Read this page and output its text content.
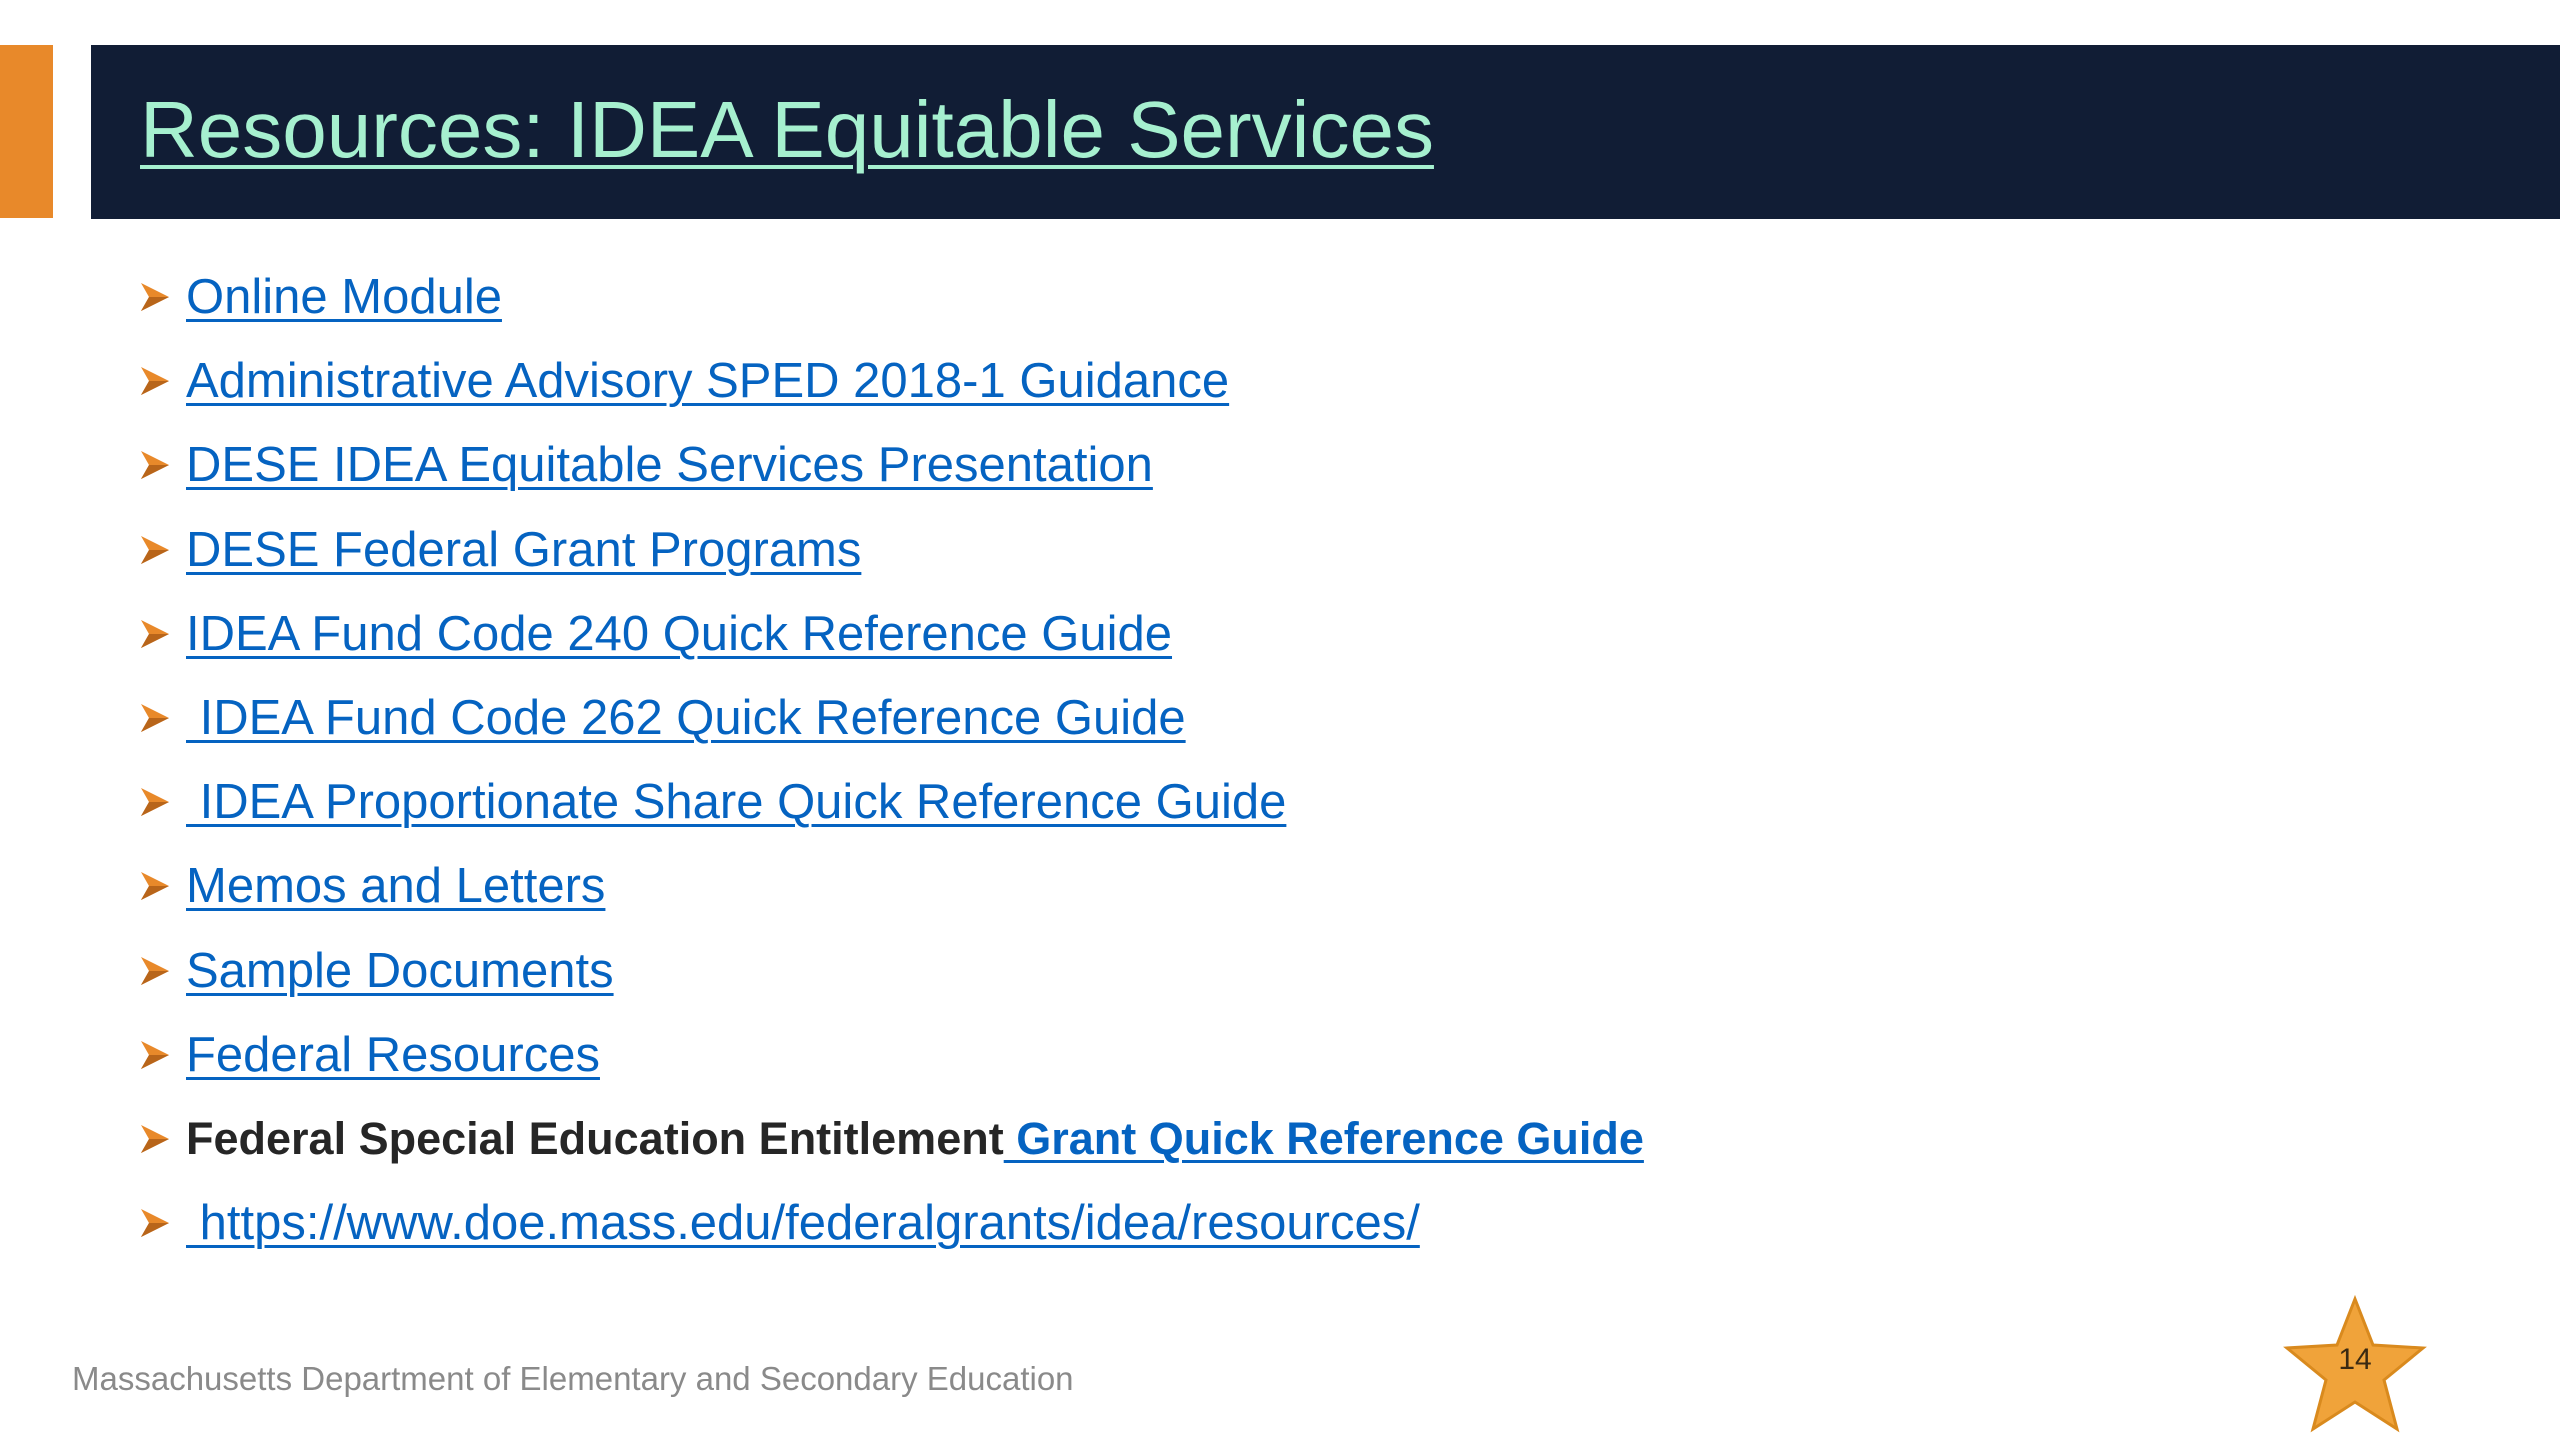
Resources: IDEA Equitable Services
Online Module
Administrative Advisory SPED 2018-1 Guidance
DESE IDEA Equitable Services Presentation
DESE Federal Grant Programs
IDEA Fund Code 240 Quick Reference Guide
IDEA Fund Code 262 Quick Reference Guide
IDEA Proportionate Share Quick Reference Guide
Memos and Letters
Sample Documents
Federal Resources
Federal Special Education Entitlement Grant Quick Reference Guide
https://www.doe.mass.edu/federalgrants/idea/resources/
Massachusetts Department of Elementary and Secondary Education
14
